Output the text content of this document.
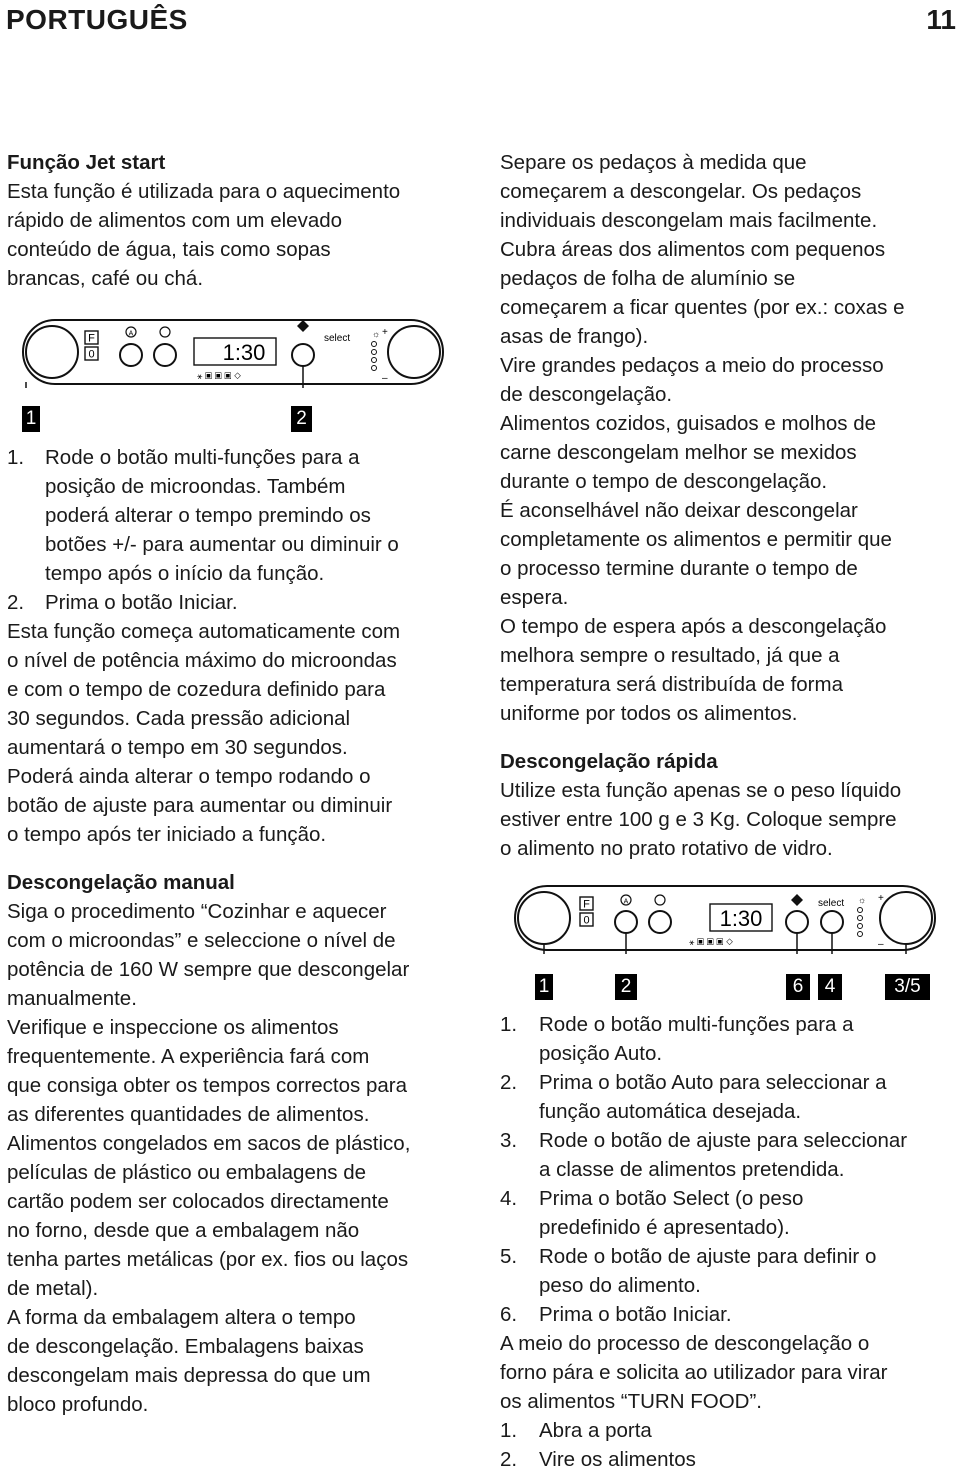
PORTUGUÊS	11

Função Jet start

Esta função é utilizada para o aquecimento

rápido de alimentos com um elevado

conteúdo de água, tais como sopas

brancas, café ou chá.

F
0
A
1:30
⚹ ▣ ▣ ▣ ◇
select ☼ +
–
1	2
1.	Rode o botão multi-funções para a

posição de microondas. Também

poderá alterar o tempo premindo os

botões +/- para aumentar ou diminuir o

tempo após o início da função.

2.	Prima o botão Iniciar.

Esta função começa automaticamente com

o nível de potência máximo do microondas

e com o tempo de cozedura definido para

30 segundos. Cada pressão adicional

aumentará o tempo em 30 segundos.

Poderá ainda alterar o tempo rodando o

botão de ajuste para aumentar ou diminuir

o tempo após ter iniciado a função.

Descongelação manual

Siga o procedimento “Cozinhar e aquecer

com o microondas” e seleccione o nível de

potência de 160 W sempre que descongelar

manualmente.

Verifique e inspeccione os alimentos

frequentemente. A experiência fará com

que consiga obter os tempos correctos para

as diferentes quantidades de alimentos.

Alimentos congelados em sacos de plástico,

películas de plástico ou embalagens de

cartão podem ser colocados directamente

no forno, desde que a embalagem não

tenha partes metálicas (por ex. fios ou laços

de metal).

A forma da embalagem altera o tempo

de descongelação. Embalagens baixas

descongelam mais depressa do que um

bloco profundo.

Separe os pedaços à medida que

começarem a descongelar. Os pedaços

individuais descongelam mais facilmente.

Cubra áreas dos alimentos com pequenos

pedaços de folha de alumínio se

começarem a ficar quentes (por ex.: coxas e

asas de frango).

Vire grandes pedaços a meio do processo

de descongelação.

Alimentos cozidos, guisados e molhos de

carne descongelam melhor se mexidos

durante o tempo de descongelação.

É aconselhável não deixar descongelar

completamente os alimentos e permitir que

o processo termine durante o tempo de

espera.

O tempo de espera após a descongelação

melhora sempre o resultado, já que a

temperatura será distribuída de forma

uniforme por todos os alimentos.

Descongelação rápida

Utilize esta função apenas se o peso líquido

estiver entre 100 g e 3 Kg. Coloque sempre

o alimento no prato rotativo de vidro.

F
0
A
1:30
⚹ ▣ ▣ ▣ ◇
select ☼ +
–
1	2	6	4	3/5
1.	Rode o botão multi-funções para a

posição Auto.

2.	Prima o botão Auto para seleccionar a

função automática desejada.

3.	Rode o botão de ajuste para seleccionar

a classe de alimentos pretendida.

4.	Prima o botão Select (o peso

predefinido é apresentado).

5.	Rode o botão de ajuste para definir o

peso do alimento.

6.	Prima o botão Iniciar.

A meio do processo de descongelação o

forno pára e solicita ao utilizador para virar

os alimentos “TURN FOOD”.

1.	Abra a porta

2.	Vire os alimentos
